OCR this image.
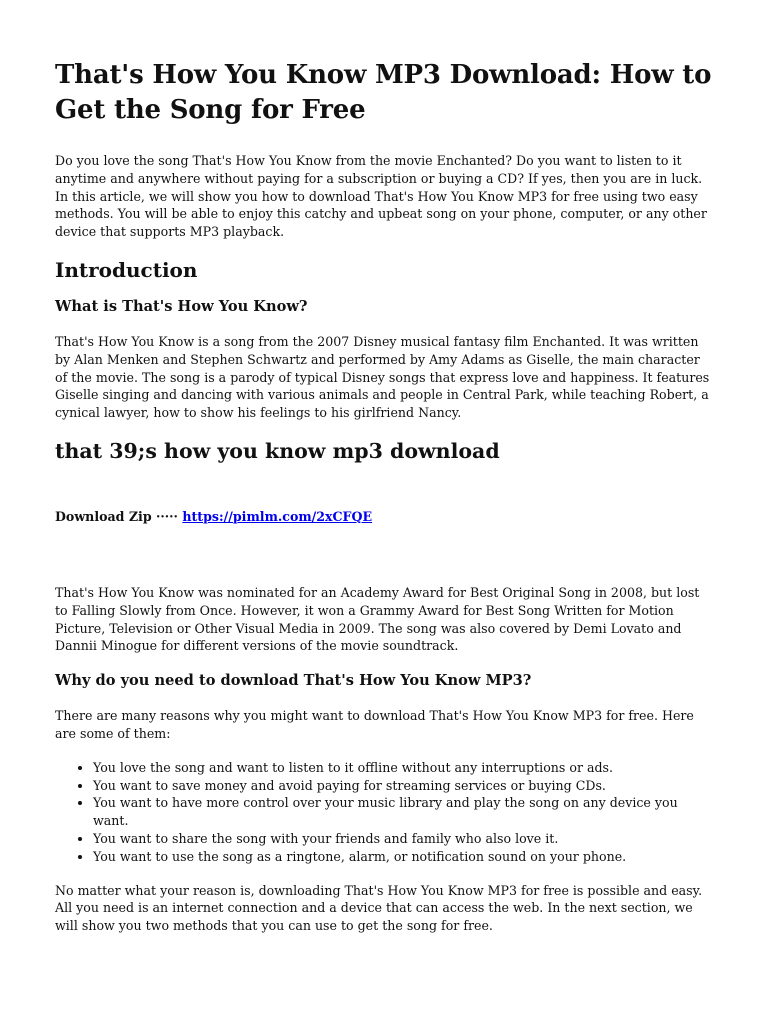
That's How You Know MP3 Download: How to Get the Song for Free

Do you love the song That's How You Know from the movie Enchanted? Do you want to listen to it anytime and anywhere without paying for a subscription or buying a CD? If yes, then you are in luck. In this article, we will show you how to download That's How You Know MP3 for free using two easy methods. You will be able to enjoy this catchy and upbeat song on your phone, computer, or any other device that supports MP3 playback.

Introduction
What is That's How You Know?

That's How You Know is a song from the 2007 Disney musical fantasy film Enchanted. It was written by Alan Menken and Stephen Schwartz and performed by Amy Adams as Giselle, the main character of the movie. The song is a parody of typical Disney songs that express love and happiness. It features Giselle singing and dancing with various animals and people in Central Park, while teaching Robert, a cynical lawyer, how to show his feelings to his girlfriend Nancy.

that 39;s how you know mp3 download
Download Zip ····· https://pimlm.com/2xCFQE

That's How You Know was nominated for an Academy Award for Best Original Song in 2008, but lost to Falling Slowly from Once. However, it won a Grammy Award for Best Song Written for Motion Picture, Television or Other Visual Media in 2009. The song was also covered by Demi Lovato and Dannii Minogue for different versions of the movie soundtrack.

Why do you need to download That's How You Know MP3?

There are many reasons why you might want to download That's How You Know MP3 for free. Here are some of them:

• You love the song and want to listen to it offline without any interruptions or ads.
• You want to save money and avoid paying for streaming services or buying CDs.
• You want to have more control over your music library and play the song on any device you want.
• You want to share the song with your friends and family who also love it.
• You want to use the song as a ringtone, alarm, or notification sound on your phone.

No matter what your reason is, downloading That's How You Know MP3 for free is possible and easy. All you need is an internet connection and a device that can access the web. In the next section, we will show you two methods that you can use to get the song for free.
